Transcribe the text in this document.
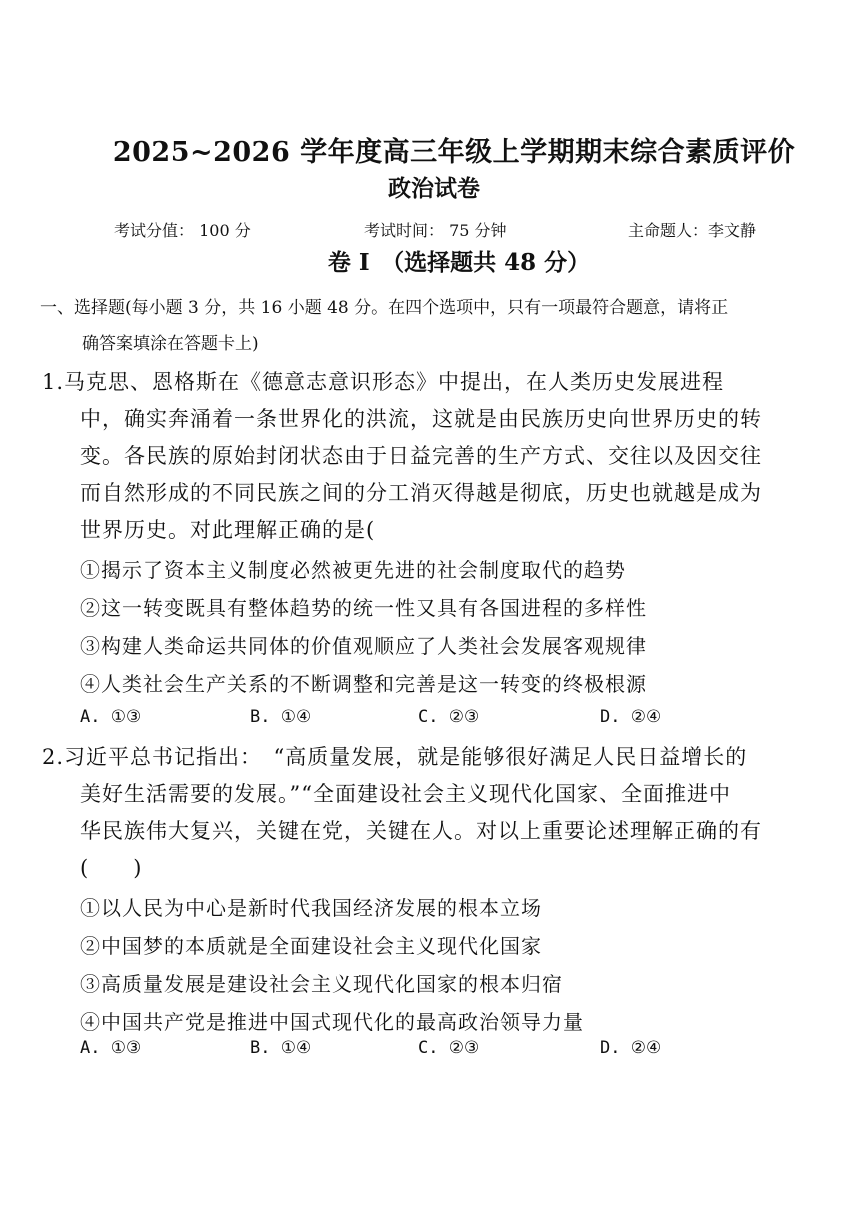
2025~2026 学年度高三年级上学期期末综合素质评价
政治试卷
考试分值： 100 分	考试时间： 75 分钟	主命题人：李文静
卷 I　（选择题共 48 分）
一、选择题(每小题 3 分，共 16 小题 48 分。在四个选项中，只有一项最符合题意，请将正
确答案填涂在答题卡上)
1.马克思、恩格斯在《德意志意识形态》中提出，在人类历史发展进程
中，确实奔涌着一条世界化的洪流，这就是由民族历史向世界历史的转
变。各民族的原始封闭状态由于日益完善的生产方式、交往以及因交往
而自然形成的不同民族之间的分工消灭得越是彻底，历史也就越是成为
世界历史。对此理解正确的是(
①揭示了资本主义制度必然被更先进的社会制度取代的趋势
②这一转变既具有整体趋势的统一性又具有各国进程的多样性
③构建人类命运共同体的价值观顺应了人类社会发展客观规律
④人类社会生产关系的不断调整和完善是这一转变的终极根源
A. ①③	B. ①④	C. ②③	D. ②④
2.习近平总书记指出：　“高质量发展，就是能够很好满足人民日益增长的
美好生活需要的发展。”“全面建设社会主义现代化国家、全面推进中
华民族伟大复兴，关键在党，关键在人。对以上重要论述理解正确的有
(　　)
①以人民为中心是新时代我国经济发展的根本立场
②中国梦的本质就是全面建设社会主义现代化国家
③高质量发展是建设社会主义现代化国家的根本归宿
④中国共产党是推进中国式现代化的最高政治领导力量
A. ①③	B. ①④	C. ②③	D. ②④
